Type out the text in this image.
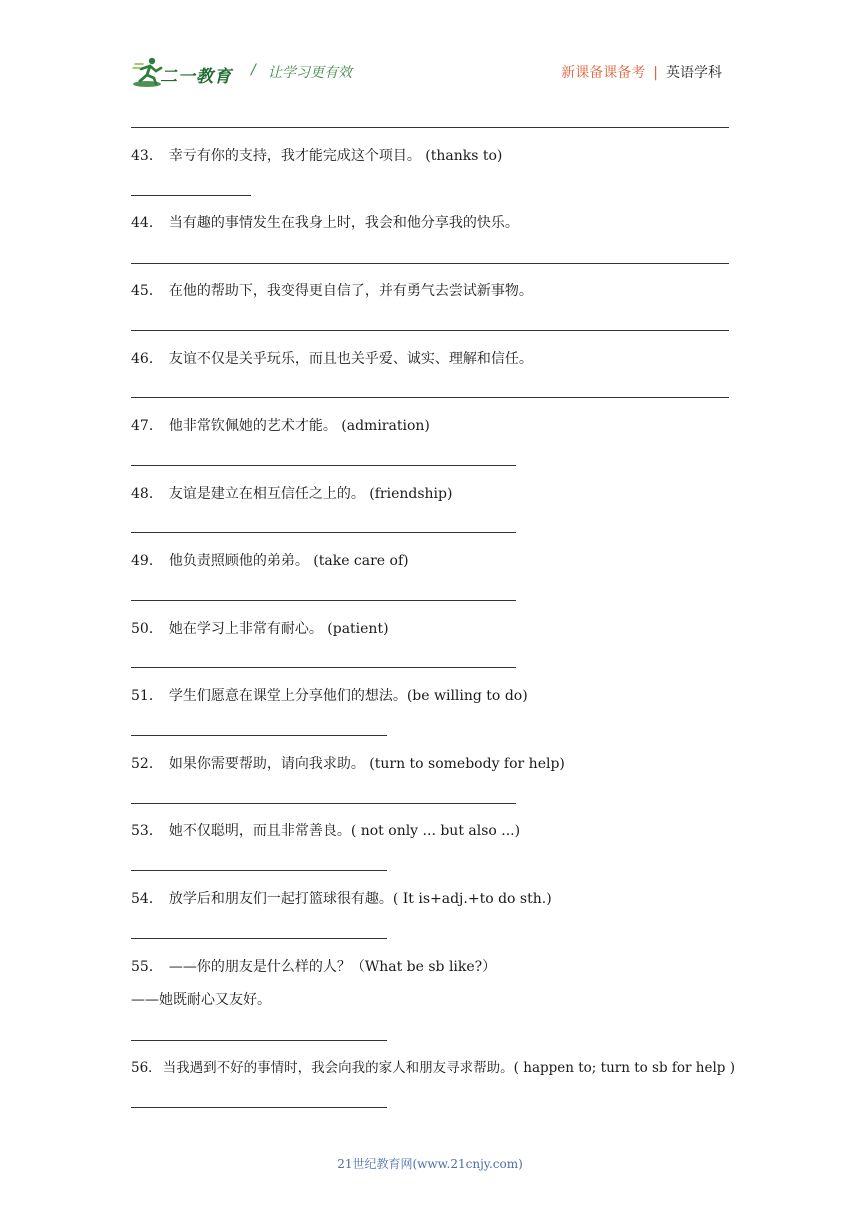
二一教育 / 让学习更有效	新课备课备考 | 英语学科
43． 幸亏有你的支持，我才能完成这个项目。 (thanks to)
44． 当有趣的事情发生在我身上时，我会和他分享我的快乐。
45． 在他的帮助下，我变得更自信了，并有勇气去尝试新事物。
46． 友谊不仅是关乎玩乐，而且也关乎爱、诚实、理解和信任。
47． 他非常钦佩她的艺术才能。 (admiration)
48． 友谊是建立在相互信任之上的。 (friendship)
49． 他负责照顾他的弟弟。 (take care of)
50． 她在学习上非常有耐心。 (patient)
51． 学生们愿意在课堂上分享他们的想法。(be willing to do)
52． 如果你需要帮助，请向我求助。 (turn to somebody for help)
53． 她不仅聪明，而且非常善良。( not only ... but also ...)
54． 放学后和朋友们一起打篮球很有趣。( It is+adj.+to do sth.)
55． ——你的朋友是什么样的人？（What be sb like?）
——她既耐心又友好。
56．当我遇到不好的事情时，我会向我的家人和朋友寻求帮助。( happen to; turn to sb for help )
21世纪教育网(www.21cnjy.com)
